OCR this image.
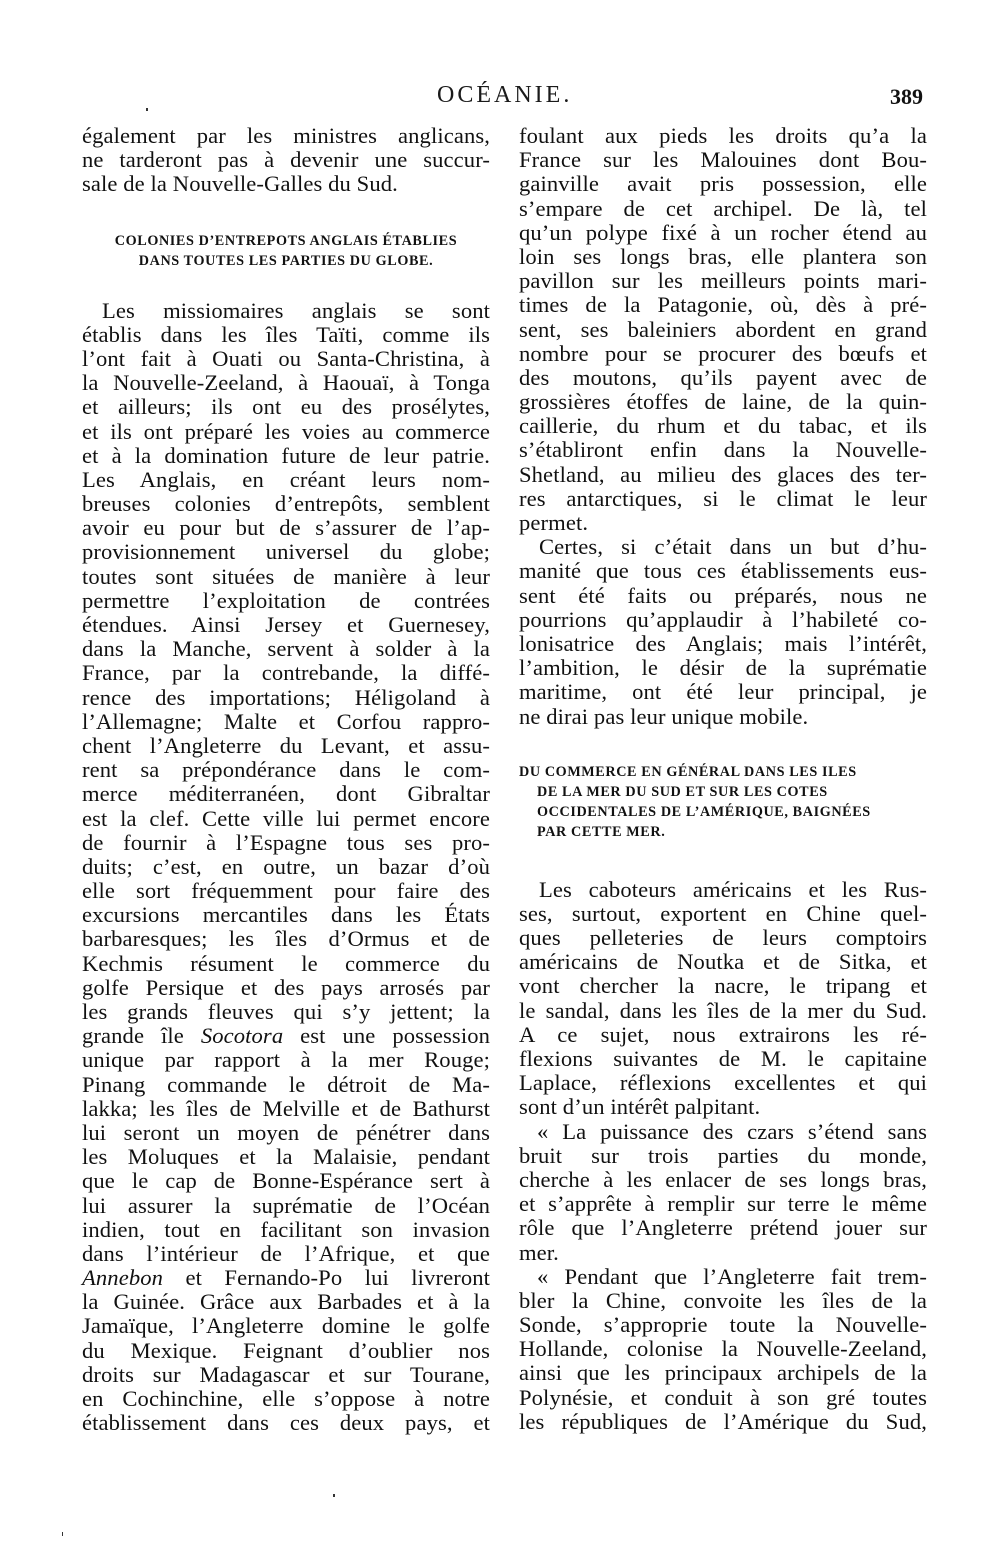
OCÉANIE.	389
également par les ministres anglicans,
ne tarderont pas à devenir une succur-
sale de la Nouvelle-Galles du Sud.
COLONIES D’ENTREPOTS ANGLAIS ÉTABLIES
DANS TOUTES LES PARTIES DU GLOBE.
Les missiomaires anglais se sont
établis dans les îles Taïti, comme ils
l’ont fait à Ouati ou Santa-Christina, à
la Nouvelle-Zeeland, à Haouaï, à Tonga
et ailleurs; ils ont eu des prosélytes,
et ils ont préparé les voies au commerce
et à la domination future de leur patrie.
Les Anglais, en créant leurs nom-
breuses colonies d’entrepôts, semblent
avoir eu pour but de s’assurer de l’ap-
provisionnement universel du globe;
toutes sont situées de manière à leur
permettre l’exploitation de contrées
étendues. Ainsi Jersey et Guernesey,
dans la Manche, servent à solder à la
France, par la contrebande, la diffé-
rence des importations; Héligoland à
l’Allemagne; Malte et Corfou rappro-
chent l’Angleterre du Levant, et assu-
rent sa prépondérance dans le com-
merce méditerranéen, dont Gibraltar
est la clef. Cette ville lui permet encore
de fournir à l’Espagne tous ses pro-
duits; c’est, en outre, un bazar d’où
elle sort fréquemment pour faire des
excursions mercantiles dans les États
barbaresques; les îles d’Ormus et de
Kechmis résument le commerce du
golfe Persique et des pays arrosés par
les grands fleuves qui s’y jettent; la
grande île Socotora est une possession
unique par rapport à la mer Rouge;
Pinang commande le détroit de Ma-
lakka; les îles de Melville et de Bathurst
lui seront un moyen de pénétrer dans
les Moluques et la Malaisie, pendant
que le cap de Bonne-Espérance sert à
lui assurer la suprématie de l’Océan
indien, tout en facilitant son invasion
dans l’intérieur de l’Afrique, et que
Annebon et Fernando-Po lui livreront
la Guinée. Grâce aux Barbades et à la
Jamaïque, l’Angleterre domine le golfe
du Mexique. Feignant d’oublier nos
droits sur Madagascar et sur Tourane,
en Cochinchine, elle s’oppose à notre
établissement dans ces deux pays, et
foulant aux pieds les droits qu’a la
France sur les Malouines dont Bou-
gainville avait pris possession, elle
s’empare de cet archipel. De là, tel
qu’un polype fixé à un rocher étend au
loin ses longs bras, elle plantera son
pavillon sur les meilleurs points mari-
times de la Patagonie, où, dès à pré-
sent, ses baleiniers abordent en grand
nombre pour se procurer des bœufs et
des moutons, qu’ils payent avec de
grossières étoffes de laine, de la quin-
caillerie, du rhum et du tabac, et ils
s’établiront enfin dans la Nouvelle-
Shetland, au milieu des glaces des ter-
res antarctiques, si le climat le leur
permet.
Certes, si c’était dans un but d’hu-
manité que tous ces établissements eus-
sent été faits ou préparés, nous ne
pourrions qu’applaudir à l’habileté co-
lonisatrice des Anglais; mais l’intérêt,
l’ambition, le désir de la suprématie
maritime, ont été leur principal, je
ne dirai pas leur unique mobile.
DU COMMERCE EN GÉNÉRAL DANS LES ILES
DE LA MER DU SUD ET SUR LES COTES
OCCIDENTALES DE L’AMÉRIQUE, BAIGNÉES
PAR CETTE MER.
Les caboteurs américains et les Rus-
ses, surtout, exportent en Chine quel-
ques pelleteries de leurs comptoirs
américains de Noutka et de Sitka, et
vont chercher la nacre, le tripang et
le sandal, dans les îles de la mer du Sud.
A ce sujet, nous extrairons les ré-
flexions suivantes de M. le capitaine
Laplace, réflexions excellentes et qui
sont d’un intérêt palpitant.
« La puissance des czars s’étend sans
bruit sur trois parties du monde,
cherche à les enlacer de ses longs bras,
et s’apprête à remplir sur terre le même
rôle que l’Angleterre prétend jouer sur
mer.
« Pendant que l’Angleterre fait trem-
bler la Chine, convoite les îles de la
Sonde, s’approprie toute la Nouvelle-
Hollande, colonise la Nouvelle-Zeeland,
ainsi que les principaux archipels de la
Polynésie, et conduit à son gré toutes
les républiques de l’Amérique du Sud,
